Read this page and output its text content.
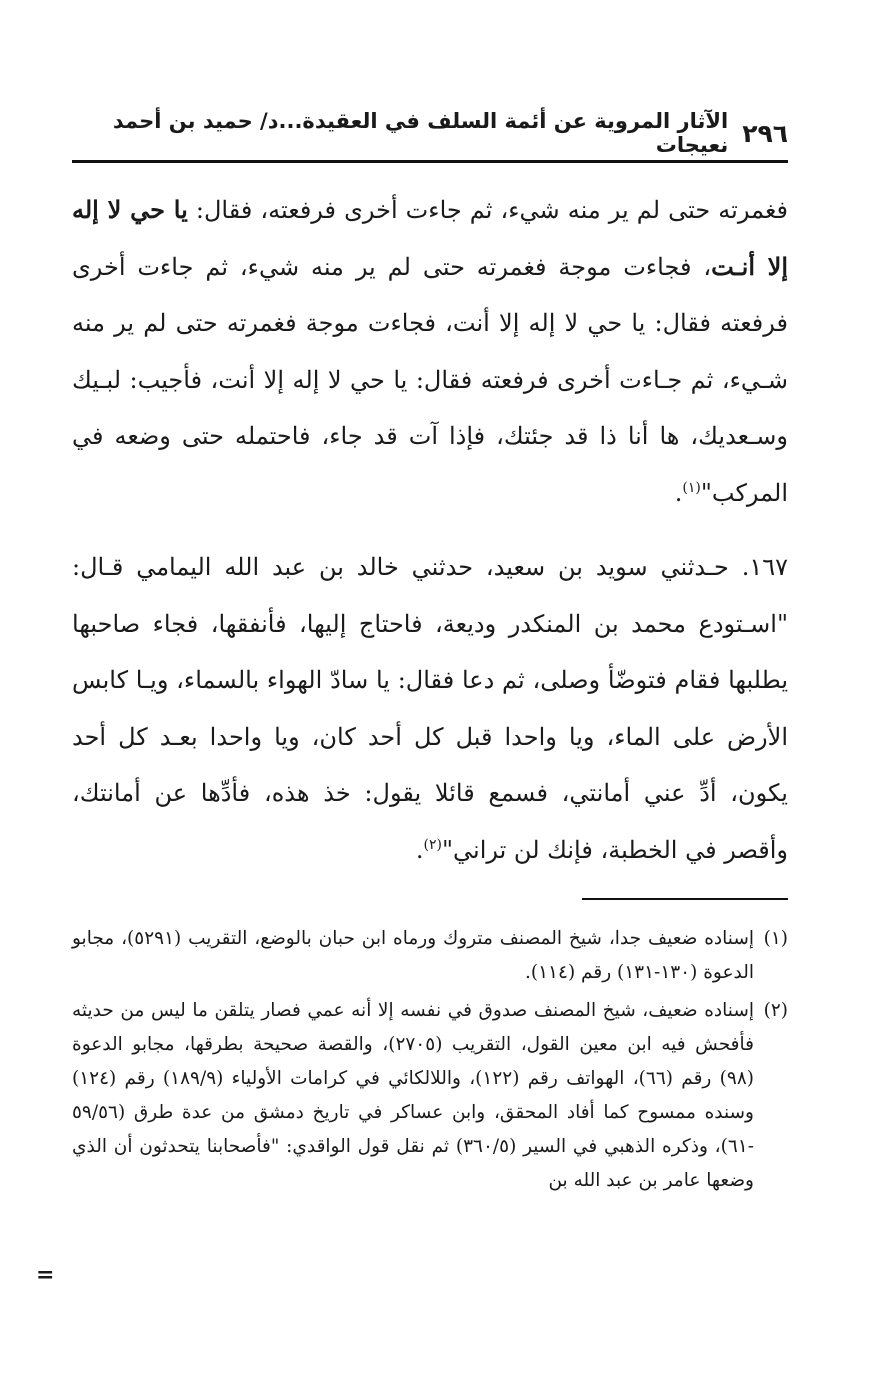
٢٩٦
الآثار المروية عن أئمة السلف في العقيدة...د/ حميد بن أحمد نعيجات

فغمرته حتى لم ير منه شيء، ثم جاءت أخرى فرفعته، فقال: يا حي لا إله إلا أنـت، فجاءت موجة فغمرته حتى لم ير منه شيء، ثم جاءت أخرى فرفعته فقال: يا حي لا إله إلا أنت، فجاءت موجة فغمرته حتى لم ير منه شـيء، ثم جـاءت أخرى فرفعته فقال: يا حي لا إله إلا أنت، فأجيب: لبـيك وسـعديك، ها أنا ذا قد جئتك، فإذا آت قد جاء، فاحتمله حتى وضعه في المركب"$^{(١)}$.

١٦٧. حـدثني سويد بن سعيد، حدثني خالد بن عبد الله اليمامي قـال: "اسـتودع محمد بن المنكدر وديعة، فاحتاج إليها، فأنفقها، فجاء صاحبها يطلبها فقام فتوضّأ وصلى، ثم دعا فقال: يا سادّ الهواء بالسماء، ويـا كابس الأرض على الماء، ويا واحدا قبل كل أحد كان، ويا واحدا بعـد كل أحد يكون، أدِّ عني أمانتي، فسمع قائلا يقول: خذ هذه، فأدِّها عن أمانتك، وأقصر في الخطبة، فإنك لن تراني"$^{(٢)}$.

(١)
إسناده ضعيف جدا، شيخ المصنف متروك ورماه ابن حبان بالوضع، التقريب (٥٢٩١)، مجابو الدعوة (١٣٠-١٣١) رقم (١١٤).

(٢)
إسناده ضعيف، شيخ المصنف صدوق في نفسه إلا أنه عمي فصار يتلقن ما ليس من حديثه فأفحش فيه ابن معين القول، التقريب (٢٧٠٥)، والقصة صحيحة بطرقها، مجابو الدعوة (٩٨) رقم (٦٦)، الهواتف رقم (١٢٢)، واللالكائي في كرامات الأولياء (١٨٩/٩) رقم (١٢٤) وسنده ممسوح كما أفاد المحقق، وابن عساكر في تاريخ دمشق من عدة طرق (٥٩/٥٦ -٦١)، وذكره الذهبي في السير (٣٦٠/٥) ثم نقل قول الواقدي: "فأصحابنا يتحدثون أن الذي وضعها عامر بن عبد الله بن

=
